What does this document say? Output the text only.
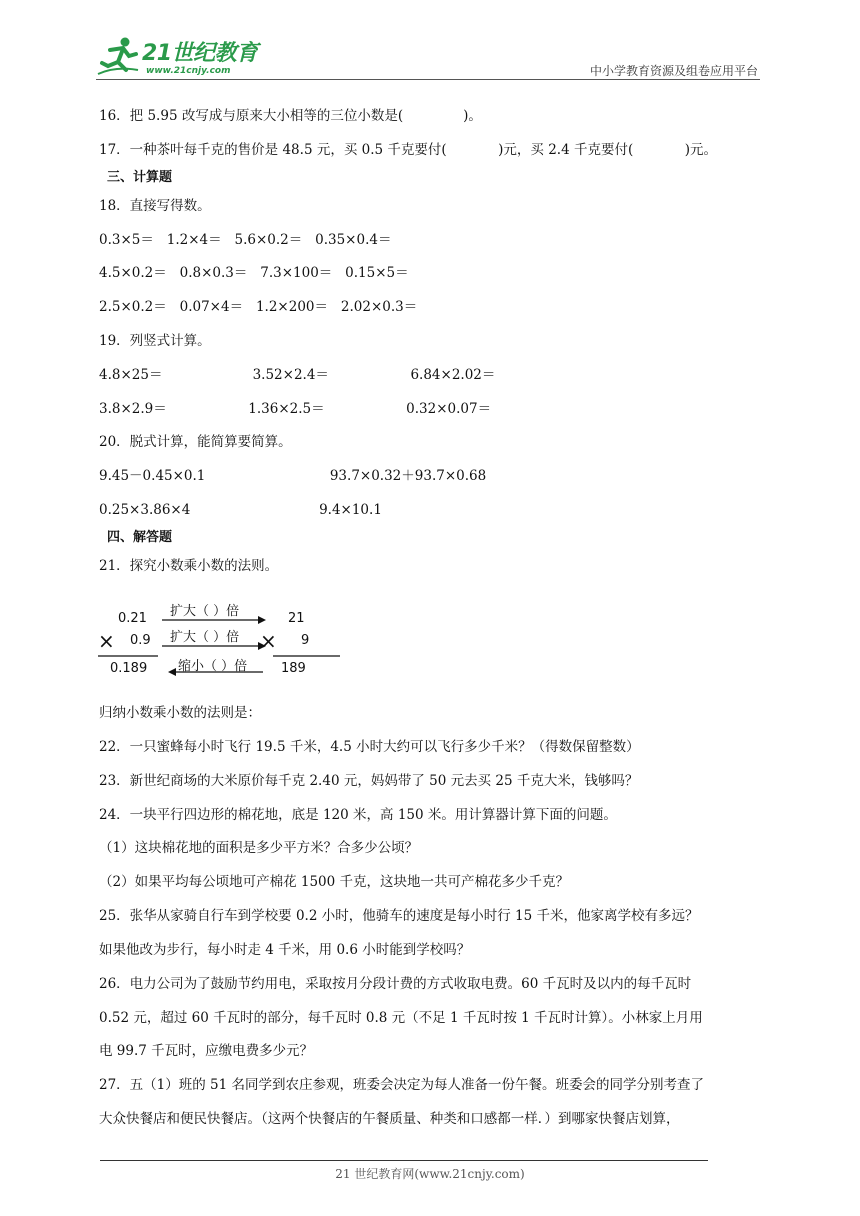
21世纪教育
www.21cnjy.com	中小学教育资源及组卷应用平台
16．把 5.95 改写成与原来大小相等的三位小数是(              )。
17．一种茶叶每千克的售价是 48.5 元，买 0.5 千克要付(            )元，买 2.4 千克要付(            )元。
三、计算题
18．直接写得数。
0.3×5＝   1.2×4＝   5.6×0.2＝   0.35×0.4＝
4.5×0.2＝   0.8×0.3＝   7.3×100＝   0.15×5＝
2.5×0.2＝   0.07×4＝   1.2×200＝   2.02×0.3＝
19．列竖式计算。
4.8×25＝                     3.52×2.4＝                   6.84×2.02＝
3.8×2.9＝                   1.36×2.5＝                   0.32×0.07＝
20．脱式计算，能简算要简算。
9.45－0.45×0.1                             93.7×0.32＋93.7×0.68
0.25×3.86×4                              9.4×10.1
四、解答题
21．探究小数乘小数的法则。
0.21
× 0.9
0.189
扩大（ ）倍
扩大（ ）倍
缩小（ ）倍
21
× 9
189
归纳小数乘小数的法则是：
22．一只蜜蜂每小时飞行 19.5 千米，4.5 小时大约可以飞行多少千米？（得数保留整数）
23．新世纪商场的大米原价每千克 2.40 元，妈妈带了 50 元去买 25 千克大米，钱够吗？
24．一块平行四边形的棉花地，底是 120 米，高 150 米。用计算器计算下面的问题。
（1）这块棉花地的面积是多少平方米？合多少公顷？
（2）如果平均每公顷地可产棉花 1500 千克，这块地一共可产棉花多少千克？
25．张华从家骑自行车到学校要 0.2 小时，他骑车的速度是每小时行 15 千米，他家离学校有多远？
如果他改为步行，每小时走 4 千米，用 0.6 小时能到学校吗？
26．电力公司为了鼓励节约用电，采取按月分段计费的方式收取电费。60 千瓦时及以内的每千瓦时
0.52 元，超过 60 千瓦时的部分，每千瓦时 0.8 元（不足 1 千瓦时按 1 千瓦时计算）。小林家上月用
电 99.7 千瓦时，应缴电费多少元？
27．五（1）班的 51 名同学到农庄参观，班委会决定为每人准备一份午餐。班委会的同学分别考查了
大众快餐店和便民快餐店。（这两个快餐店的午餐质量、种类和口感都一样．）到哪家快餐店划算，
21 世纪教育网(www.21cnjy.com)
